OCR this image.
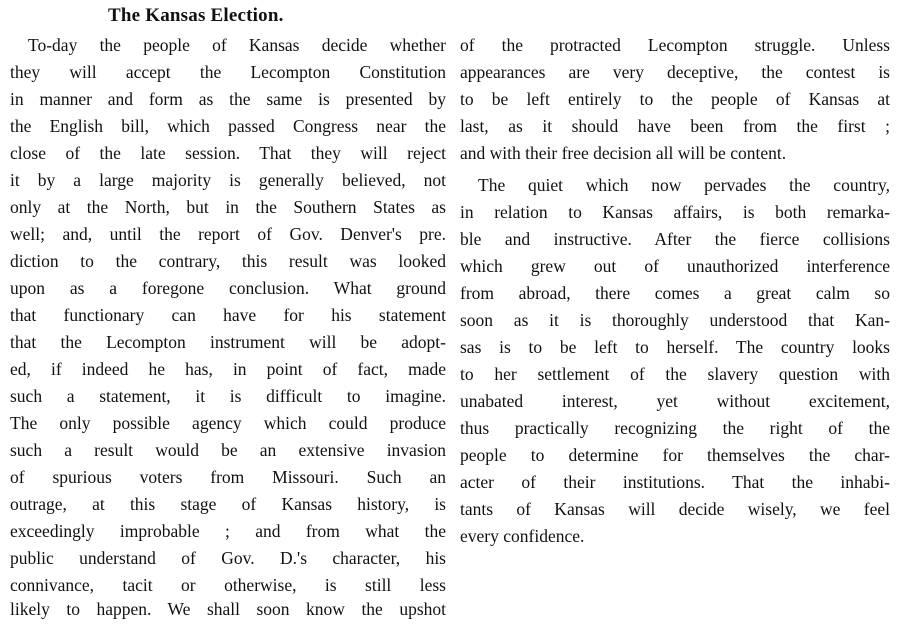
The Kansas Election.
To-day the people of Kansas decide whether
they will accept the Lecompton Constitution
in manner and form as the same is presented by
the English bill, which passed Congress near the
close of the late session. That they will reject
it by a large majority is generally believed, not
only at the North, but in the Southern States as
well; and, until the report of Gov. Denver's pre.
diction to the contrary, this result was looked
upon as a foregone conclusion. What ground
that functionary can have for his statement
that the Lecompton instrument will be adopt-
ed, if indeed he has, in point of fact, made
such a statement, it is difficult to imagine.
The only possible agency which could produce
such a result would be an extensive invasion
of spurious voters from Missouri. Such an
outrage, at this stage of Kansas history, is
exceedingly improbable ; and from what the
public understand of Gov. D.'s character, his
connivance, tacit or otherwise, is still less
likely to happen. We shall soon know the upshot
of the protracted Lecompton struggle. Unless
appearances are very deceptive, the contest is
to be left entirely to the people of Kansas at
last, as it should have been from the first ;
and with their free decision all will be content.
The quiet which now pervades the country,
in relation to Kansas affairs, is both remarka-
ble and instructive. After the fierce collisions
which grew out of unauthorized interference
from abroad, there comes a great calm so
soon as it is thoroughly understood that Kan-
sas is to be left to herself. The country looks
to her settlement of the slavery question with
unabated interest, yet without excitement,
thus practically recognizing the right of the
people to determine for themselves the char-
acter of their institutions. That the inhabi-
tants of Kansas will decide wisely, we feel
every confidence.
